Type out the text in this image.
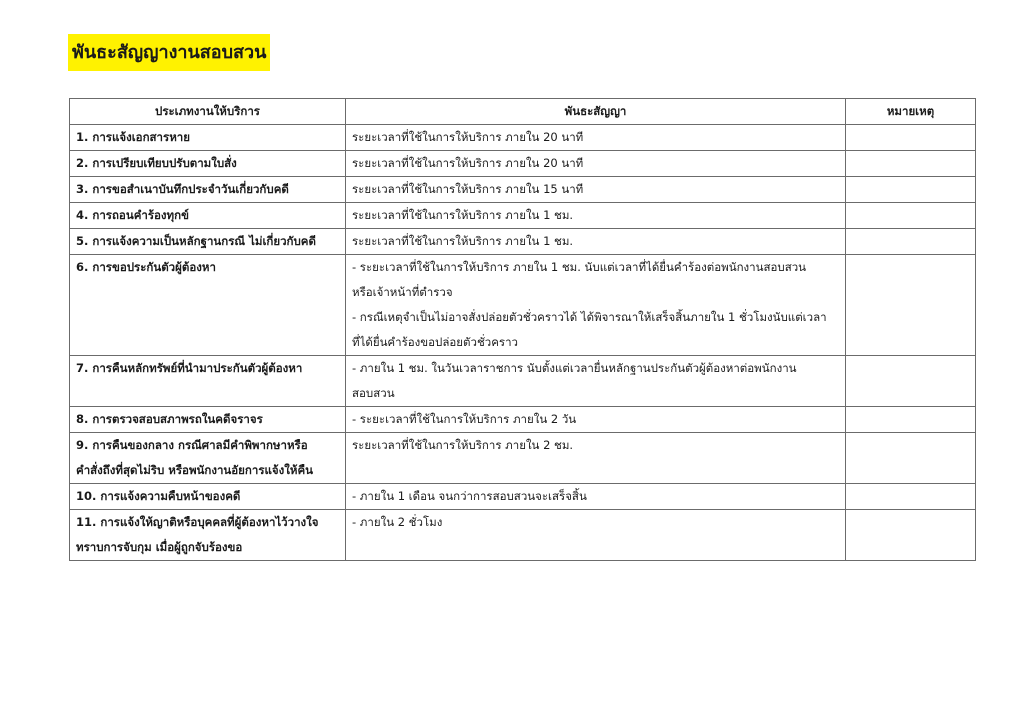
พันธะสัญญางานสอบสวน
ประเภทงานให้บริการ	พันธะสัญญา	หมายเหตุ

1. การแจ้งเอกสารหาย	ระยะเวลาที่ใช้ในการให้บริการ ภายใน 20 นาที	

2. การเปรียบเทียบปรับตามใบสั่ง	ระยะเวลาที่ใช้ในการให้บริการ ภายใน 20 นาที	

3. การขอสำเนาบันทึกประจำวันเกี่ยวกับคดี	ระยะเวลาที่ใช้ในการให้บริการ ภายใน 15 นาที	

4. การถอนคำร้องทุกข์	ระยะเวลาที่ใช้ในการให้บริการ ภายใน 1 ชม.	

5. การแจ้งความเป็นหลักฐานกรณี ไม่เกี่ยวกับคดี	ระยะเวลาที่ใช้ในการให้บริการ ภายใน 1 ชม.	

6. การขอประกันตัวผู้ต้องหา	- ระยะเวลาที่ใช้ในการให้บริการ ภายใน 1 ชม. นับแต่เวลาที่ได้ยื่นคำร้องต่อพนักงานสอบสวน
หรือเจ้าหน้าที่ตำรวจ
- กรณีเหตุจำเป็นไม่อาจสั่งปล่อยตัวชั่วคราวได้ ได้พิจารณาให้เสร็จสิ้นภายใน 1 ชั่วโมงนับแต่เวลา
ที่ได้ยื่นคำร้องขอปล่อยตัวชั่วคราว	

7. การคืนหลักทรัพย์ที่นำมาประกันตัวผู้ต้องหา	- ภายใน 1 ชม. ในวันเวลาราชการ นับตั้งแต่เวลายื่นหลักฐานประกันตัวผู้ต้องหาต่อพนักงาน
สอบสวน	

8. การตรวจสอบสภาพรถในคดีจราจร	- ระยะเวลาที่ใช้ในการให้บริการ ภายใน 2 วัน	

9. การคืนของกลาง กรณีศาลมีคำพิพากษาหรือ
คำสั่งถึงที่สุดไม่ริบ หรือพนักงานอัยการแจ้งให้คืน	ระยะเวลาที่ใช้ในการให้บริการ ภายใน 2 ชม.	

10. การแจ้งความคืบหน้าของคดี	- ภายใน 1 เดือน จนกว่าการสอบสวนจะเสร็จสิ้น	

11. การแจ้งให้ญาติหรือบุคคลที่ผู้ต้องหาไว้วางใจ
ทราบการจับกุม เมื่อผู้ถูกจับร้องขอ	- ภายใน 2 ชั่วโมง	
